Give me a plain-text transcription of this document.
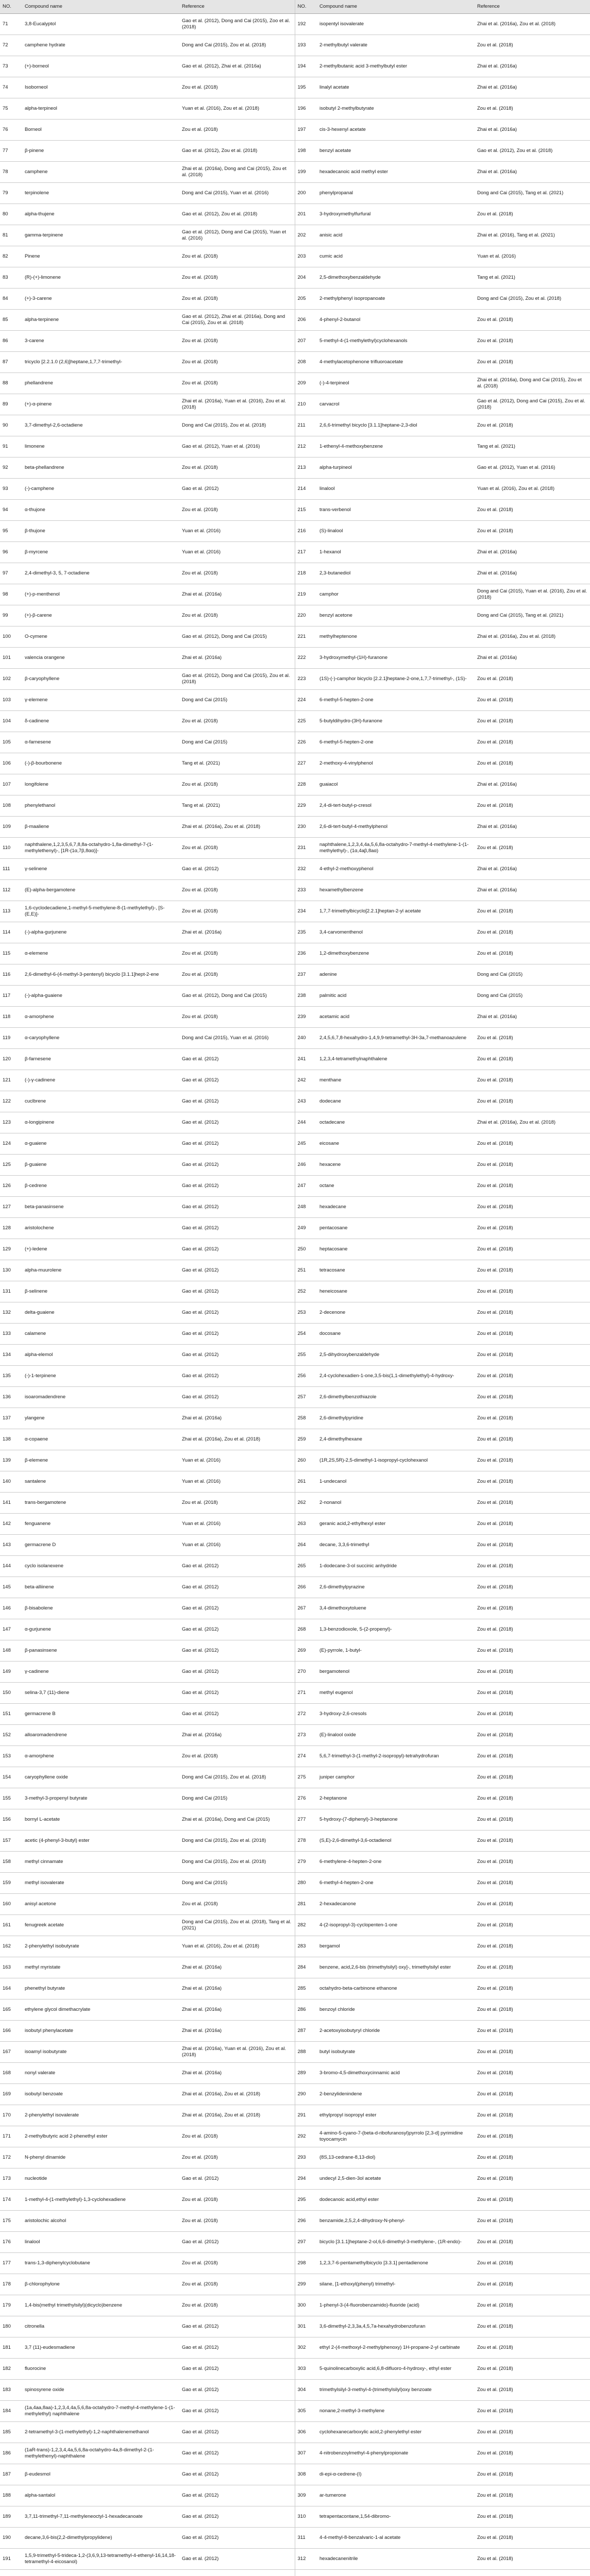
NO.	Compound name	Reference	NO.	Compound name	Reference
71	3,8-Eucalyptol	Gao et al. (2012), Dong and Cai (2015), Zoo et al. (2018)	192	isopentyl isovalerate	Zhai et al. (2016a), Zou et al. (2018)
72	camphene hydrate	Dong and Cai (2015), Zou et al. (2018)	193	2-methylbutyl valerate	Zou et al. (2018)
73	(+)-borneol	Gao et al. (2012), Zhai et al. (2016a)	194	2-methylbutanic acid 3-methylbutyl ester	Zhai et al. (2016a)
74	Isoborneol	Zou et al. (2018)	195	linalyl acetate	Zhai et al. (2016a)
75	alpha-terpineol	Yuan et al. (2016), Zou et al. (2018)	196	isobutyl 2-methylbutyrate	Zou et al. (2018)
76	Borneol	Zou et al. (2018)	197	cis-3-hexenyl acetate	Zhai et al. (2016a)
77	β-pinene	Gao et al. (2012), Zou et al. (2018)	198	benzyl acetate	Gao et al. (2012), Zou et al. (2018)
78	camphene	Zhai et al. (2016a), Dong and Cai (2015), Zou et al. (2018)	199	hexadecanoic acid methyl ester	Zhai et al. (2016a)
79	terpinolene	Dong and Cai (2015), Yuan et al. (2016)	200	phenylpropanal	Dong and Cai (2015), Tang et al. (2021)
80	alpha-thujene	Gao et al. (2012), Zou et al. (2018)	201	3-hydroxymethylfurfural	Zou et al. (2018)
81	gamma-terpinene	Gao et al. (2012), Dong and Cai (2015), Yuan et al. (2016)	202	anisic acid	Zhai et al. (2016), Tang et al. (2021)
82	Pinene	Zou et al. (2018)	203	cumic acid	Yuan et al. (2016)
83	(R)-(+)-limonene	Zou et al. (2018)	204	2,5-dimethoxybenzaldehyde	Tang et al. (2021)
84	(+)-3-carene	Zou et al. (2018)	205	2-methylphenyl isopropanoate	Dong and Cai (2015), Zou et al. (2018)
85	alpha-terpinene	Gao et al. (2012), Zhai et al. (2016a), Dong and Cai (2015), Zou et al. (2018)	206	4-phenyl-2-butanol	Zou et al. (2018)
86	3-carene	Zou et al. (2018)	207	5-methyl-4-(1-methylethyl)cyclohexanols	Zou et al. (2018)
87	tricyclo [2.2.1.0 (2,6)]heptane,1,7,7-trimethyl-	Zou et al. (2018)	208	4-methylacetophenone trifluoroacetate	Zou et al. (2018)
88	phellandrene	Zou et al. (2018)	209	(-)-4-terpineol	Zhai et al. (2016a), Dong and Cai (2015), Zou et al. (2018)
89	(+)-α-pinene	Zhai et al. (2016a), Yuan et al. (2016), Zou et al. (2018)	210	carvacrol	Gao et al. (2012), Dong and Cai (2015), Zou et al. (2018)
90	3,7-dimethyl-2,6-octadiene	Dong and Cai (2015), Zou et al. (2018)	211	2,6,6-trimethyl bicyclo [3.1.1]heptane-2,3-diol	Zou et al. (2018)
91	limonene	Gao et al. (2012), Yuan et al. (2016)	212	1-ethenyl-4-methoxybenzene	Tang et al. (2021)
92	beta-phellandrene	Zou et al. (2018)	213	alpha-turpineol	Gao et al. (2012), Yuan et al. (2016)
93	(-)-camphene	Gao et al. (2012)	214	linalool	Yuan et al. (2016), Zou et al. (2018)
94	α-thujone	Zou et al. (2018)	215	trans-verbenol	Zou et al. (2018)
95	β-thujone	Yuan et al. (2016)	216	(S)-linalool	Zou et al. (2018)
96	β-myrcene	Yuan et al. (2016)	217	1-hexanol	Zhai et al. (2016a)
97	2,4-dimethyl-3, 5, 7-octadiene	Zou et al. (2018)	218	2,3-butanediol	Zhai et al. (2016a)
98	(+)-p-menthenol	Zhai et al. (2016a)	219	camphor	Dong and Cai (2015), Yuan et al. (2016), Zou et al. (2018)
99	(+)-β-carene	Zou et al. (2018)	220	benzyl acetone	Dong and Cai (2015), Tang et al. (2021)
100	O-cymene	Gao et al. (2012), Dong and Cai (2015)	221	methylheptenone	Zhai et al. (2016a), Zou et al. (2018)
101	valencia orangene	Zhai et al. (2016a)	222	3-hydroxymethyl-(1H)-furanone	Zhai et al. (2016a)
102	β-caryophyllene	Gao et al. (2012), Dong and Cai (2015), Zou et al. (2018)	223	(1S)-(-)-camphor bicyclo [2.2.1]heptane-2-one,1,7,7-trimethyl-, (1S)-	Zou et al. (2018)
103	γ-elemene	Dong and Cai (2015)	224	6-methyl-5-hepten-2-one	Zou et al. (2018)
104	δ-cadinene	Zou et al. (2018)	225	5-butyldihydro-(3H)-furanone	Zou et al. (2018)
105	α-farnesene	Dong and Cai (2015)	226	6-methyl-5-hepten-2-one	Zou et al. (2018)
106	(-)-β-bourbonene	Tang et al. (2021)	227	2-methoxy-4-vinylphenol	Zou et al. (2018)
107	longifolene	Zou et al. (2018)	228	guaiacol	Zhai et al. (2016a)
108	phenylethanol	Tang et al. (2021)	229	2,4-di-tert-butyl-p-cresol	Zou et al. (2018)
109	β-maaliene	Zhai et al. (2016a), Zou et al. (2018)	230	2,6-di-tert-butyl-4-methylphenol	Zhai et al. (2016a)
110	naphthalene,1,2,3,5,6,7,8,8a-octahydro-1,8a-dimethyl-7-(1-methylethenyl)-, [1R-(1α,7β,8αα)]-	Zou et al. (2018)	231	naphthalene,1,2,3,4,4a,5,6,8a-octahydro-7-methyl-4-methylene-1-(1-methylethyl)-, (1α,4aβ,8aα)	Zou et al. (2018)
111	γ-selinene	Gao et al. (2012)	232	4-ethyl-2-methoxyphenol	Zhai et al. (2016a)
112	(E)-alpha-bergamotene	Zou et al. (2018)	233	hexamethylbenzene	Zhai et al. (2016a)
113	1,6-cyclodecadiene,1-methyl-5-methylene-8-(1-methylethyl)-, [S-(E,E)]-	Zou et al. (2018)	234	1,7,7-trimethylbicyclo[2.2.1]heptan-2-yl acetate	Zou et al. (2018)
114	(-)-alpha-gurjunene	Zhai et al. (2016a)	235	3,4-carvomenthenol	Zou et al. (2018)
115	α-elemene	Zou et al. (2018)	236	1,2-dimethoxybenzene	Zou et al. (2018)
116	2,6-dimethyl-6-(4-methyl-3-pentenyl) bicyclo [3.1.1]hept-2-ene	Zou et al. (2018)	237	adenine	Dong and Cai (2015)
117	(-)-alpha-guaiene	Gao et al. (2012), Dong and Cai (2015)	238	palmitic acid	Dong and Cai (2015)
118	α-amorphene	Zou et al. (2018)	239	acetamic acid	Zhai et al. (2016a)
119	α-caryophyllene	Dong and Cai (2015), Yuan et al. (2016)	240	2,4,5,6,7,8-hexahydro-1,4,9,9-tetramethyl-3H-3a,7-methanoazulene	Zou et al. (2018)
120	β-farnesene	Gao et al. (2012)	241	1,2,3,4-tetramethylnaphthalene	Zou et al. (2018)
121	(-)-γ-cadinene	Gao et al. (2012)	242	menthane	Zou et al. (2018)
122	cuclbrene	Gao et al. (2012)	243	dodecane	Zou et al. (2018)
123	α-longipinene	Gao et al. (2012)	244	octadecane	Zhai et al. (2016a), Zou et al. (2018)
124	α-guaiene	Gao et al. (2012)	245	eicosane	Zou et al. (2018)
125	β-guaiene	Gao et al. (2012)	246	hexacene	Zou et al. (2018)
126	β-cedrene	Gao et al. (2012)	247	octane	Zou et al. (2018)
127	beta-panasinsene	Gao et al. (2012)	248	hexadecane	Zou et al. (2018)
128	aristolochene	Gao et al. (2012)	249	pentacosane	Zou et al. (2018)
129	(+)-ledene	Gao et al. (2012)	250	heptacosane	Zou et al. (2018)
130	alpha-muurolene	Gao et al. (2012)	251	tetracosane	Zou et al. (2018)
131	β-selinene	Gao et al. (2012)	252	heneicosane	Zou et al. (2018)
132	delta-guaiene	Gao et al. (2012)	253	2-decenone	Zou et al. (2018)
133	calamene	Gao et al. (2012)	254	docosane	Zou et al. (2018)
134	alpha-elemol	Gao et al. (2012)	255	2,5-dihydroxybenzaldehyde	Zou et al. (2018)
135	(-)-1-terpinene	Gao et al. (2012)	256	2,4-cyclohexadien-1-one,3,5-bis(1,1-dimethylethyl)-4-hydroxy-	Zou et al. (2018)
136	isoaromadendrene	Gao et al. (2012)	257	2,6-dimethylbenzothiazole	Zou et al. (2018)
137	ylangene	Zhai et al. (2016a)	258	2,6-dimethylpyridine	Zou et al. (2018)
138	α-copaene	Zhai et al. (2016a), Zou et al. (2018)	259	2,4-dimethylhexane	Zou et al. (2018)
139	β-elemene	Yuan et al. (2016)	260	(1R,2S,5R)-2,5-dimethyl-1-isopropyl-cyclohexanol	Zou et al. (2018)
140	santalene	Yuan et al. (2016)	261	1-undecanol	Zou et al. (2018)
141	trans-bergamotene	Zou et al. (2018)	262	2-nonanol	Zou et al. (2018)
142	fenguanene	Yuan et al. (2016)	263	geranic acid,2-ethylhexyl ester	Zou et al. (2018)
143	germacrene D	Yuan et al. (2016)	264	decane, 3,3,6-trimethyl	Zou et al. (2018)
144	cyclo isolanexene	Gao et al. (2012)	265	1-dodecane-3-ol succinic anhydride	Zou et al. (2018)
145	beta-alliinene	Gao et al. (2012)	266	2,6-dimethylpyrazine	Zou et al. (2018)
146	β-bisabolene	Gao et al. (2012)	267	3,4-dimethoxytoluene	Zou et al. (2018)
147	α-gurjunene	Gao et al. (2012)	268	1,3-benzodioxole, 5-(2-propenyl)-	Zou et al. (2018)
148	β-panasinsene	Gao et al. (2012)	269	(E)-pyrrole, 1-butyl-	Zou et al. (2018)
149	γ-cadinene	Gao et al. (2012)	270	bergamotenol	Zou et al. (2018)
150	selina-3,7 (11)-diene	Gao et al. (2012)	271	methyl eugenol	Zou et al. (2018)
151	germacrene B	Gao et al. (2012)	272	3-hydroxy-2,6-cresols	Zou et al. (2018)
152	alloaromadendrene	Zhai et al. (2016a)	273	(E)-linalool oxide	Zou et al. (2018)
153	α-amorphene	Zou et al. (2018)	274	5,6,7-trimethyl-3-(1-methyl-2-isopropyl)-tetrahydrofuran	Zou et al. (2018)
154	caryophyllene oxide	Dong and Cai (2015), Zou et al. (2018)	275	juniper camphor	Zou et al. (2018)
155	3-methyl-3-propenyl butyrate	Dong and Cai (2015)	276	2-heptanone	Zou et al. (2018)
156	bornyl L-acetate	Zhai et al. (2016a), Dong and Cai (2015)	277	5-hydroxy-(7-diphenyl)-3-heptanone	Zou et al. (2018)
157	acetic (4-phenyl-3-butyl) ester	Dong and Cai (2015), Zou et al. (2018)	278	(S,E)-2,6-dimethyl-3,6-octadienol	Zou et al. (2018)
158	methyl cinnamate	Dong and Cai (2015), Zou et al. (2018)	279	6-methylene-4-hepten-2-one	Zou et al. (2018)
159	methyl isovalerate	Dong and Cai (2015)	280	6-methyl-4-hepten-2-one	Zou et al. (2018)
160	anisyl acetone	Zou et al. (2018)	281	2-hexadecanone	Zou et al. (2018)
161	fenugreek acetate	Dong and Cai (2015), Zou et al. (2018), Tang et al. (2021)	282	4-(2-isopropyl-3)-cyclopenten-1-one	Zou et al. (2018)
162	2-phenylethyl isobutyrate	Yuan et al. (2016), Zou et al. (2018)	283	bergamol	Zou et al. (2018)
163	methyl myristate	Zhai et al. (2016a)	284	benzene, acid,2,6-bis (trimethylsilyl) oxy]-, trimethylsilyl ester	Zou et al. (2018)
164	phenethyl butyrate	Zhai et al. (2016a)	285	octahydro-beta-carbinone ethanone	Zou et al. (2018)
165	ethylene glycol dimethacrylate	Zhai et al. (2016a)	286	benzoyl chloride	Zou et al. (2018)
166	isobutyl phenylacetate	Zhai et al. (2016a)	287	2-acetoxyisobutyryl chloride	Zou et al. (2018)
167	isoamyl isobutyrate	Zhai et al. (2016a), Yuan et al. (2016), Zou et al. (2018)	288	butyl isobutyrate	Zou et al. (2018)
168	nonyl valerate	Zhai et al. (2016a)	289	3-bromo-4,5-dimethoxycinnamic acid	Zou et al. (2018)
169	isobutyl benzoate	Zhai et al. (2016a), Zou et al. (2018)	290	2-benzylidenindene	Zou et al. (2018)
170	2-phenylethyl isovalerate	Zhai et al. (2016a), Zou et al. (2018)	291	ethylpropyl isopropyl ester	Zou et al. (2018)
171	2-methylbutyric acid 2-phenethyl ester	Zou et al. (2018)	292	4-amino-5-cyano-7-(beta-d-ribofuranosyl)pyrrolo [2,3-d] pyrimidine toyocamycin	Zou et al. (2018)
172	N-phenyl dinamide	Zou et al. (2018)	293	(8S,13-cedrane-8,13-diol)	Zou et al. (2018)
173	nucleotide	Gao et al. (2012)	294	undecyl 2,5-dien-3ol acetate	Zou et al. (2018)
174	1-methyl-4-(1-methylethyl)-1,3-cyclohexadiene	Zou et al. (2018)	295	dodecanoic acid,ethyl ester	Zou et al. (2018)
175	aristolochic alcohol	Zou et al. (2018)	296	benzamide,2,5,2,4-dihydroxy-N-phenyl-	Zou et al. (2018)
176	linalool	Gao et al. (2012)	297	bicyclo [3.1.1]heptane-2-ol,6,6-dimethyl-3-methylene-, (1R-endo)-	Zou et al. (2018)
177	trans-1,3-diphenylcyclobutane	Zou et al. (2018)	298	1,2,3,7-6-pentamethylbicyclo [3.3.1] pentadienone	Zou et al. (2018)
178	β-chlorophylone	Zou et al. (2018)	299	silane, [1-ethoxyl(phenyl) trimethyl-	Zou et al. (2018)
179	1,4-bis(methyl trimethylsilyl)(dicyclo)benzene	Zou et al. (2018)	300	1-phenyl-3-(4-fluorobenzamido)-fluoride (acid)	Zou et al. (2018)
180	citronella	Gao et al. (2012)	301	3,6-dimethyl-2,3,3a,4,5,7a-hexahydrobenzofuran	Zou et al. (2018)
181	3,7 (11)-eudesmadiene	Gao et al. (2012)	302	ethyl 2-(4-methoxyl-2-methylphenoxy) 1H-propane-2-yl carbinate	Zou et al. (2018)
182	fluorocine	Gao et al. (2012)	303	5-quinolinecarboxylic acid,6,8-difluoro-4-hydroxy-, ethyl ester	Zou et al. (2018)
183	spinosyrene oxide	Gao et al. (2012)	304	trimethylsilyl-3-methyl-4-(trimethylsilyl)oxy benzoate	Zou et al. (2018)
184	(1a,4aa,8aa)-1,2,3,4,4a,5,6,8a-octahydro-7-methyl-4-methylene-1-(1-methylethyl) naphthalene	Gao et al. (2012)	305	nonane,2-methyl-3-methylene	Zou et al. (2018)
185	2-tetramethyl-3-(1-methylethyl)-1,2-naphthalenemethanol	Gao et al. (2012)	306	cyclohexanecarboxylic acid,2-phenylethyl ester	Zou et al. (2018)
186	(1aR-trans)-1,2,3,4,4a,5,6,8a-octahydro-4a,8-dimethyl-2-(1-methylethenyl)-naphthalene	Gao et al. (2012)	307	4-nitrobenzoylmethyl-4-phenylpropionate	Zou et al. (2018)
187	β-eudesmol	Gao et al. (2012)	308	di-epi-α-cedrene-(I)	Zou et al. (2018)
188	alpha-santalol	Gao et al. (2012)	309	ar-tumerone	Zou et al. (2018)
189	3,7,11-trimethyl-7,11-methyleneoctyl-1-hexadecanoate	Gao et al. (2012)	310	tetrapentacontane,1,54-dibromo-	Zou et al. (2018)
190	decane,3,6-bis(2,2-dimethylpropylidene)	Gao et al. (2012)	311	4-4-methyl-8-benzalvaric-1-al acetate	Zou et al. (2018)
191	1,5,9-trimethyl-5-trideca-1,2-(3,6,9,13-tetramethyl-4-ethenyl-16,14,18-tetramethyl-4-eicosanol)	Gao et al. (2012)	312	hexadecanenitrile	Zou et al. (2018)
